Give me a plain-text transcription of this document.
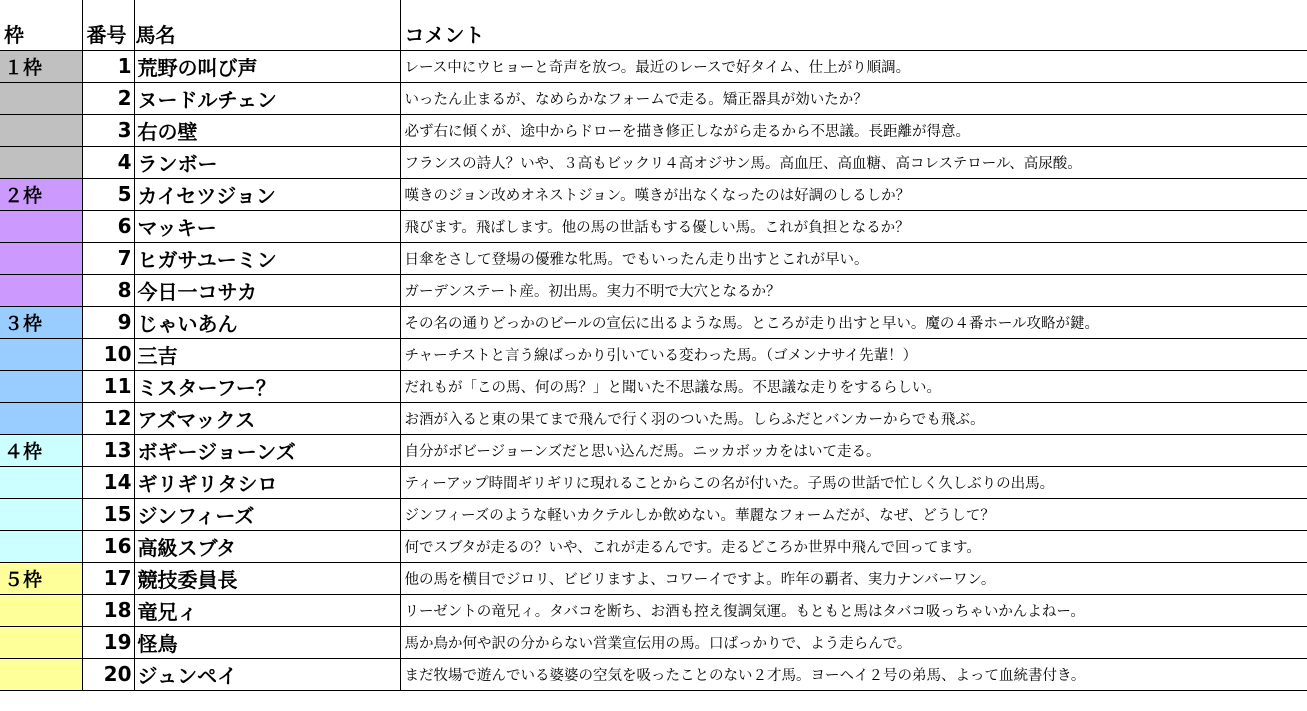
枠	番号	馬名	コメント
１枠	1	荒野の叫び声	レース中にウヒョーと奇声を放つ。最近のレースで好タイム、仕上がり順調。
	2	ヌードルチェン	いったん止まるが、なめらかなフォームで走る。矯正器具が効いたか？
	3	右の壁	必ず右に傾くが、途中からドローを描き修正しながら走るから不思議。長距離が得意。
	4	ランボー	フランスの詩人？いや、３高もビックリ４高オジサン馬。高血圧、高血糖、高コレステロール、高尿酸。
２枠	5	カイセツジョン	嘆きのジョン改めオネストジョン。嘆きが出なくなったのは好調のしるしか？
	6	マッキー	飛びます。飛ばします。他の馬の世話もする優しい馬。これが負担となるか？
	7	ヒガサユーミン	日傘をさして登場の優雅な牝馬。でもいったん走り出すとこれが早い。
	8	今日一コサカ	ガーデンステート産。初出馬。実力不明で大穴となるか？
３枠	9	じゃいあん	その名の通りどっかのビールの宣伝に出るような馬。ところが走り出すと早い。魔の４番ホール攻略が鍵。
	10	三吉	チャーチストと言う線ばっかり引いている変わった馬。（ゴメンナサイ先輩！）
	11	ミスターフー？	だれもが「この馬、何の馬？」と聞いた不思議な馬。不思議な走りをするらしい。
	12	アズマックス	お酒が入ると東の果てまで飛んで行く羽のついた馬。しらふだとバンカーからでも飛ぶ。
４枠	13	ボギージョーンズ	自分がボビージョーンズだと思い込んだ馬。ニッカボッカをはいて走る。
	14	ギリギリタシロ	ティーアップ時間ギリギリに現れることからこの名が付いた。子馬の世話で忙しく久しぶりの出馬。
	15	ジンフィーズ	ジンフィーズのような軽いカクテルしか飲めない。華麗なフォームだが、なぜ、どうして？
	16	高級スブタ	何でスブタが走るの？いや、これが走るんです。走るどころか世界中飛んで回ってます。
５枠	17	競技委員長	他の馬を横目でジロリ、ビビリますよ、コワーイですよ。昨年の覇者、実力ナンバーワン。
	18	竜兄ィ	リーゼントの竜兄ィ。タバコを断ち、お酒も控え復調気運。もともと馬はタバコ吸っちゃいかんよねー。
	19	怪鳥	馬か鳥か何や訳の分からない営業宣伝用の馬。口ばっかりで、よう走らんで。
	20	ジュンペイ	まだ牧場で遊んでいる婆婆の空気を吸ったことのない２才馬。ヨーヘイ２号の弟馬、よって血統書付き。
